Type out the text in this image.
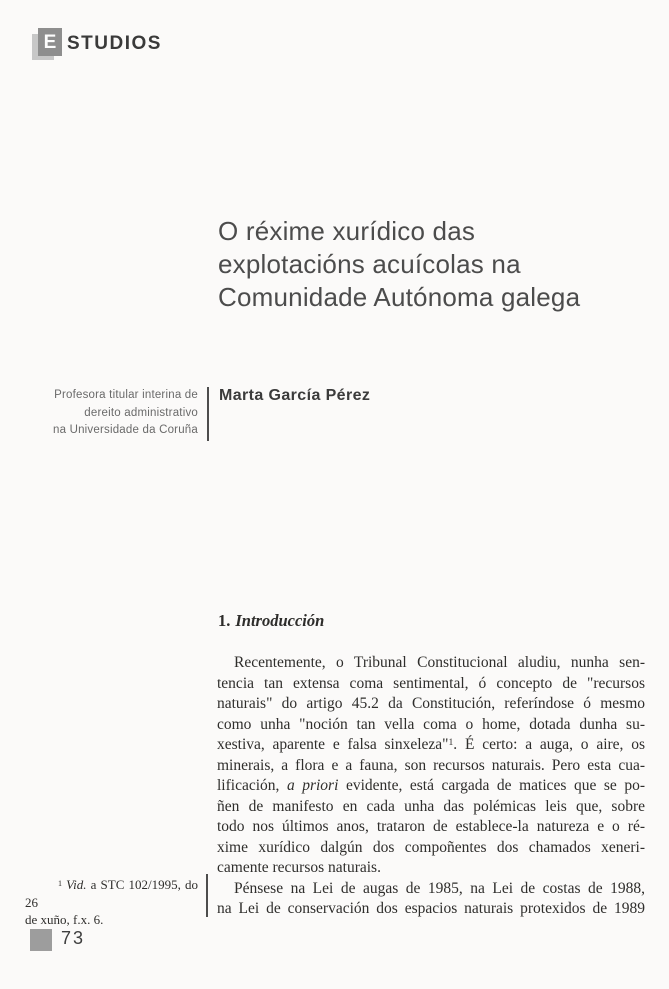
E STUDIOS
O réxime xurídico das
explotacións acuícolas na
Comunidade Autónoma galega
Profesora titular interina de
dereito administrativo
na Universidade da Coruña
Marta García Pérez
1. Introducción
Recentemente, o Tribunal Constitucional aludiu, nunha sen-
tencia tan extensa coma sentimental, ó concepto de "recursos
naturais" do artigo 45.2 da Constitución, referíndose ó mesmo
como unha "noción tan vella coma o home, dotada dunha su-
xestiva, aparente e falsa sinxeleza"$^1$. É certo: a auga, o aire, os
minerais, a flora e a fauna, son recursos naturais. Pero esta cua-
lificación, a priori evidente, está cargada de matices que se po-
ñen de manifesto en cada unha das polémicas leis que, sobre
todo nos últimos anos, trataron de establece-la natureza e o ré-
xime xurídico dalgún dos compoñentes dos chamados xeneri-
camente recursos naturais.
Pénsese na Lei de augas de 1985, na Lei de costas de 1988,
na Lei de conservación dos espacios naturais protexidos de 1989
$^1$ Vid. a STC 102/1995, do 26
de xuño, f.x. 6.
73
